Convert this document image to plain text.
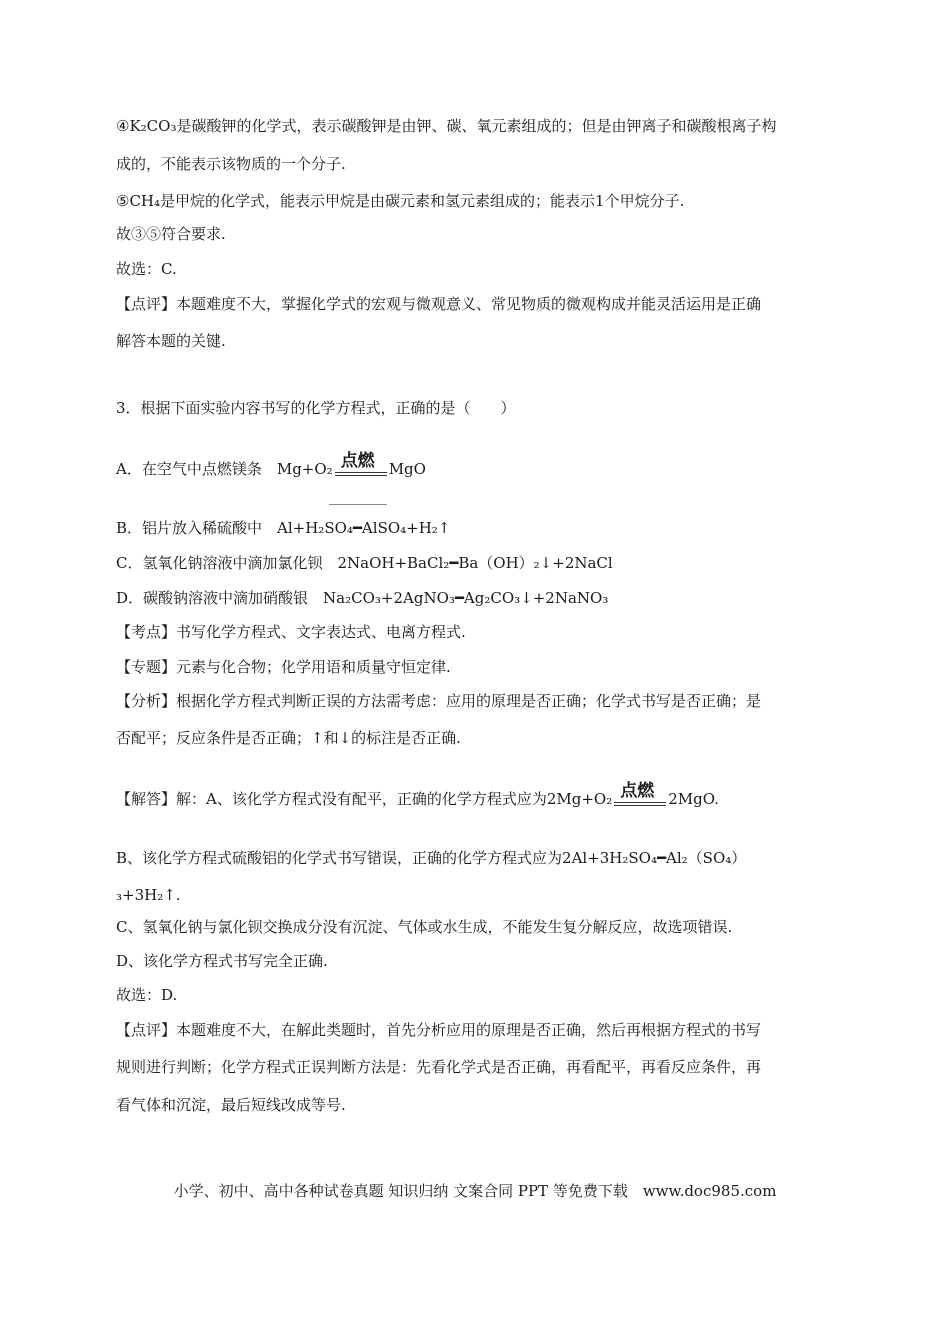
④K₂CO₃是碳酸钾的化学式，表示碳酸钾是由钾、碳、氧元素组成的；但是由钾离子和碳酸根离子构
成的，不能表示该物质的一个分子.
⑤CH₄是甲烷的化学式，能表示甲烷是由碳元素和氢元素组成的；能表示1个甲烷分子.
故③⑤符合要求.
故选：C.
【点评】本题难度不大，掌握化学式的宏观与微观意义、常见物质的微观构成并能灵活运用是正确
解答本题的关键.
3．根据下面实验内容书写的化学方程式，正确的是（　　）
A．在空气中点燃镁条　Mg+O₂ 点燃 MgO
B．铝片放入稀硫酸中　Al+H₂SO₄━AlSO₄+H₂↑
C．氢氧化钠溶液中滴加氯化钡　2NaOH+BaCl₂━Ba（OH）₂↓+2NaCl
D．碳酸钠溶液中滴加硝酸银　Na₂CO₃+2AgNO₃━Ag₂CO₃↓+2NaNO₃
【考点】书写化学方程式、文字表达式、电离方程式.
【专题】元素与化合物；化学用语和质量守恒定律.
【分析】根据化学方程式判断正误的方法需考虑：应用的原理是否正确；化学式书写是否正确；是
否配平；反应条件是否正确；↑和↓的标注是否正确.
【解答】解：A、该化学方程式没有配平，正确的化学方程式应为2Mg+O₂ 点燃 2MgO.
B、该化学方程式硫酸铝的化学式书写错误，正确的化学方程式应为2Al+3H₂SO₄━Al₂（SO₄）
₃+3H₂↑.
C、氢氧化钠与氯化钡交换成分没有沉淀、气体或水生成，不能发生复分解反应，故选项错误.
D、该化学方程式书写完全正确.
故选：D.
【点评】本题难度不大，在解此类题时，首先分析应用的原理是否正确，然后再根据方程式的书写
规则进行判断；化学方程式正误判断方法是：先看化学式是否正确，再看配平，再看反应条件，再
看气体和沉淀，最后短线改成等号.
小学、初中、高中各种试卷真题 知识归纳 文案合同 PPT 等免费下载　www.doc985.com
